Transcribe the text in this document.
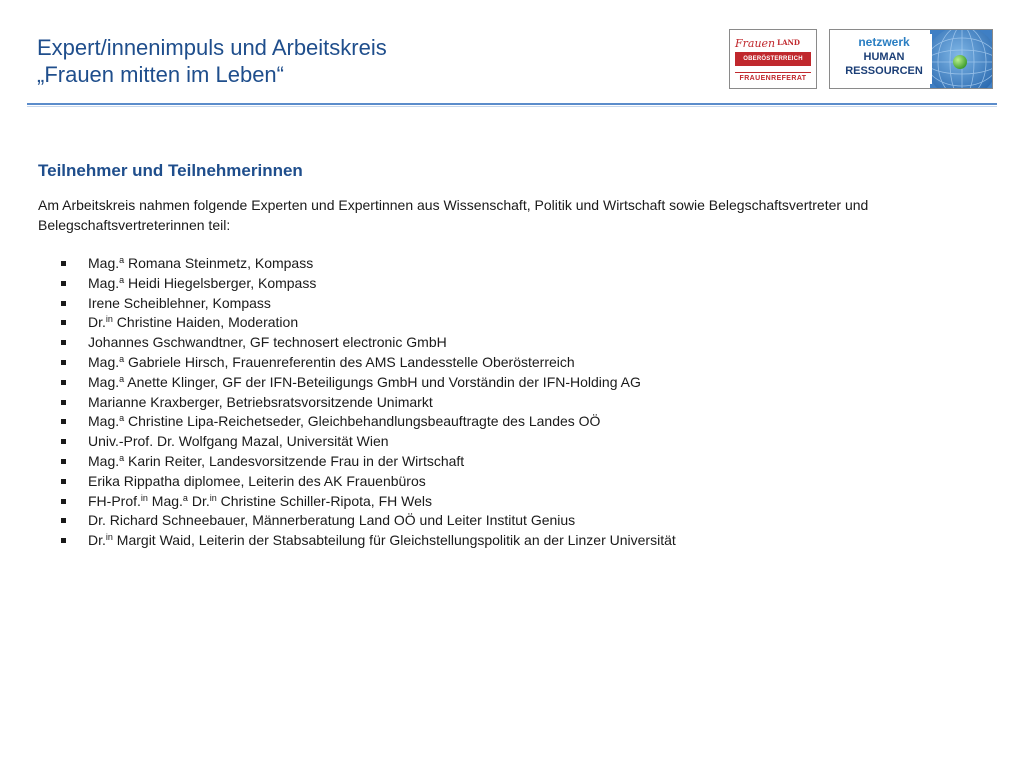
Expert/innenimpuls und Arbeitskreis
„Frauen mitten im Leben“
Frauen LAND
OBERÖSTERREICH
FRAUENREFERAT
netzwerk
HUMAN
RESSOURCEN
Teilnehmer und Teilnehmerinnen
Am Arbeitskreis nahmen folgende Experten und Expertinnen aus Wissenschaft, Politik und Wirtschaft sowie Belegschaftsvertreter und Belegschaftsvertreterinnen teil:
Mag.$^a$ Romana Steinmetz, Kompass
Mag.$^a$ Heidi Hiegelsberger, Kompass
Irene Scheiblehner, Kompass
Dr.$^{in}$ Christine Haiden, Moderation
Johannes Gschwandtner, GF technosert electronic GmbH
Mag.$^a$ Gabriele Hirsch, Frauenreferentin des AMS Landesstelle Oberösterreich
Mag.$^a$ Anette Klinger, GF der IFN-Beteiligungs GmbH und Vorständin der IFN-Holding AG
Marianne Kraxberger, Betriebsratsvorsitzende Unimarkt
Mag.$^a$ Christine Lipa-Reichetseder, Gleichbehandlungsbeauftragte des Landes OÖ
Univ.-Prof. Dr. Wolfgang Mazal, Universität Wien
Mag.$^a$ Karin Reiter, Landesvorsitzende Frau in der Wirtschaft
Erika Rippatha diplomee, Leiterin des AK Frauenbüros
FH-Prof.$^{in}$ Mag.$^a$ Dr.$^{in}$ Christine Schiller-Ripota, FH Wels
Dr. Richard Schneebauer, Männerberatung Land OÖ und Leiter Institut Genius
Dr.$^{in}$ Margit Waid, Leiterin der Stabsabteilung für Gleichstellungspolitik an der Linzer Universität
